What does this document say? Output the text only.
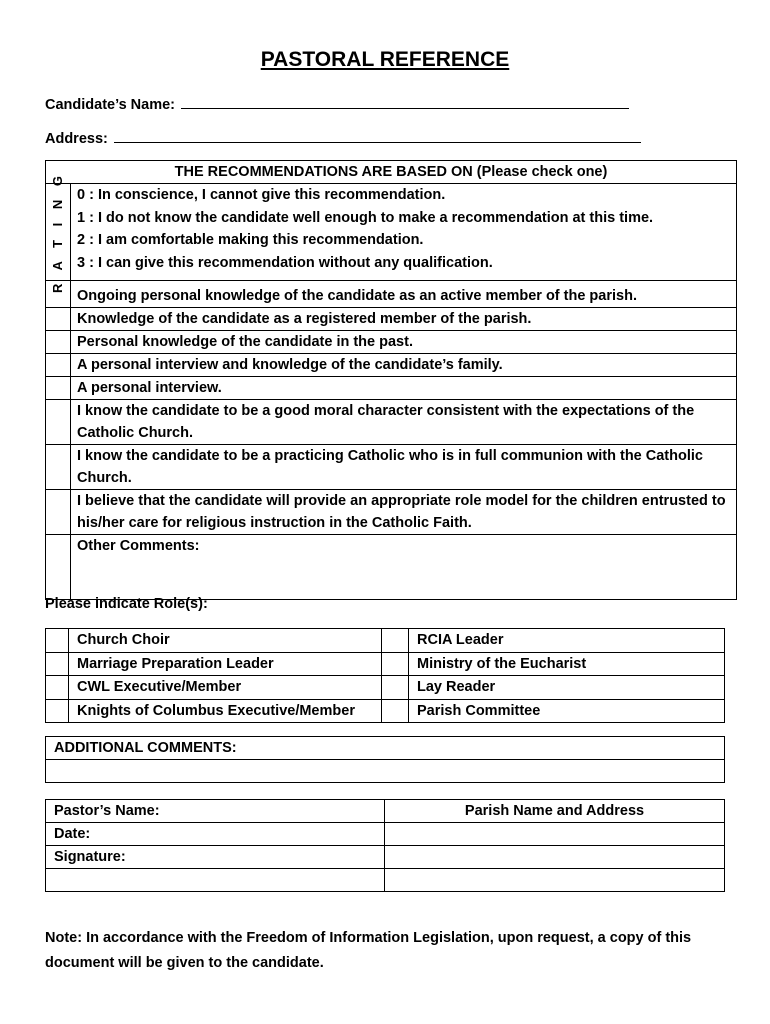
PASTORAL REFERENCE
Candidate’s Name:
Address:
THE RECOMMENDATIONS ARE BASED ON (Please check one)	

R A T I N G	0 : In conscience, I cannot give this recommendation.
1 : I do not know the candidate well enough to make a recommendation at this time.
2 : I am comfortable making this recommendation.
3 : I can give this recommendation without any qualification.

	Ongoing personal knowledge of the candidate as an active member of the parish.
	Knowledge of the candidate as a registered member of the parish.
	Personal knowledge of the candidate in the past.
	A personal interview and knowledge of the candidate’s family.
	A personal interview.
	I know the candidate to be a good moral character consistent with the expectations of the Catholic Church.
	I know the candidate to be a practicing Catholic who is in full communion with the Catholic Church.
	I believe that the candidate will provide an appropriate role model for the children entrusted to his/her care for religious instruction in the Catholic Faith.
	Other Comments:
Please indicate Role(s):
	Church Choir		RCIA Leader
	Marriage Preparation Leader		Ministry of the Eucharist
	CWL Executive/Member		Lay Reader
	Knights of Columbus Executive/Member		Parish Committee
ADDITIONAL COMMENTS:

Pastor’s Name:	Parish Name and Address
Date:	
Signature:	

Note: In accordance with the Freedom of Information Legislation, upon request, a copy of this document will be given to the candidate.
